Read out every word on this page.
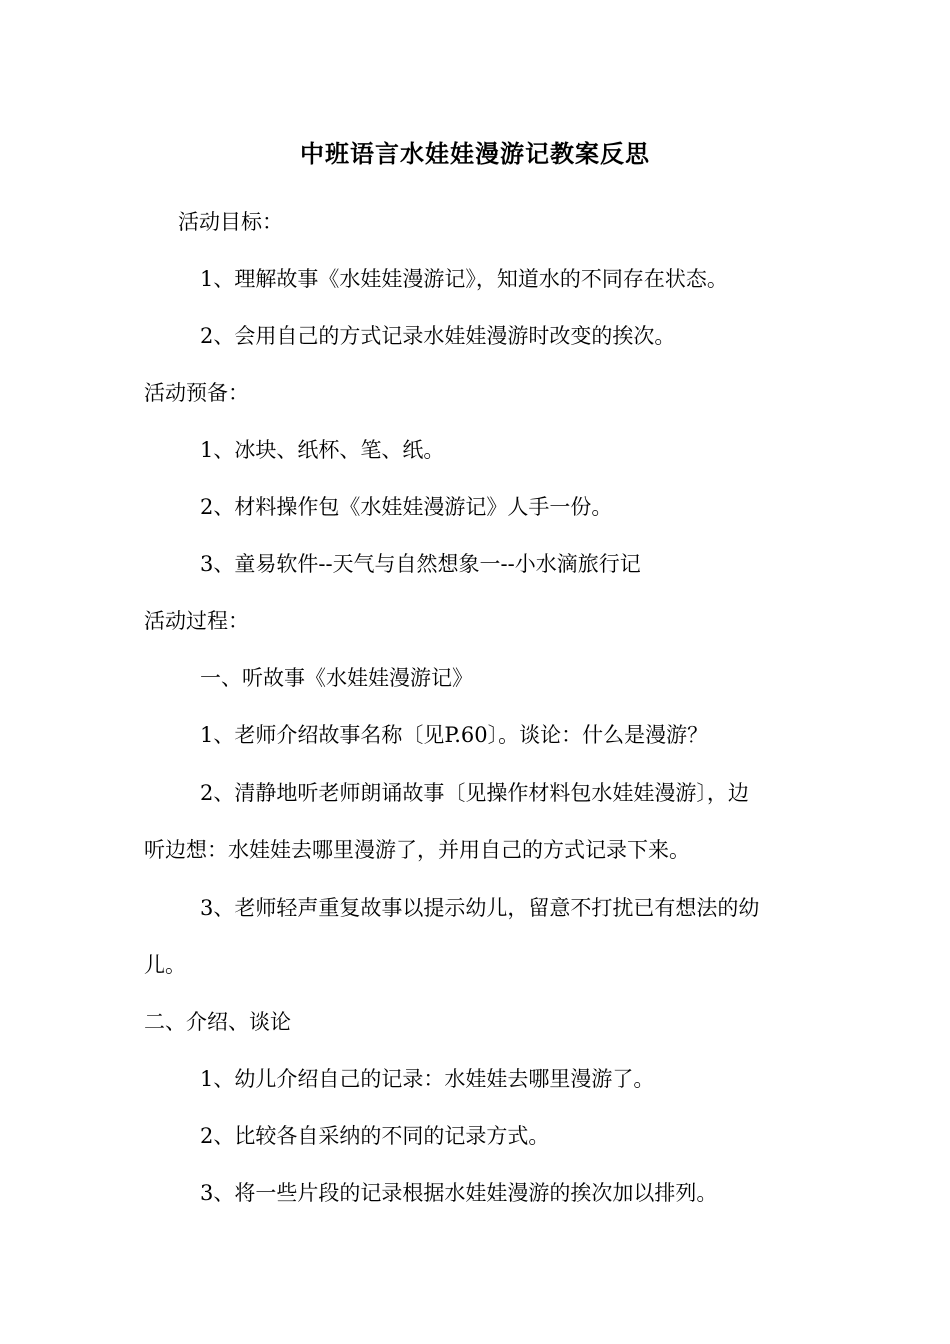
中班语言水娃娃漫游记教案反思
活动目标：
1、理解故事《水娃娃漫游记》，知道水的不同存在状态。
2、会用自己的方式记录水娃娃漫游时改变的挨次。
活动预备：
1、冰块、纸杯、笔、纸。
2、材料操作包《水娃娃漫游记》人手一份。
3、童易软件--天气与自然想象一--小水滴旅行记
活动过程：
一、听故事《水娃娃漫游记》
1、老师介绍故事名称〔见P.60〕。谈论：什么是漫游？
2、清静地听老师朗诵故事〔见操作材料包水娃娃漫游〕，边
听边想：水娃娃去哪里漫游了，并用自己的方式记录下来。
3、老师轻声重复故事以提示幼儿，留意不打扰已有想法的幼
儿。
二、介绍、谈论
1、幼儿介绍自己的记录：水娃娃去哪里漫游了。
2、比较各自采纳的不同的记录方式。
3、将一些片段的记录根据水娃娃漫游的挨次加以排列。
